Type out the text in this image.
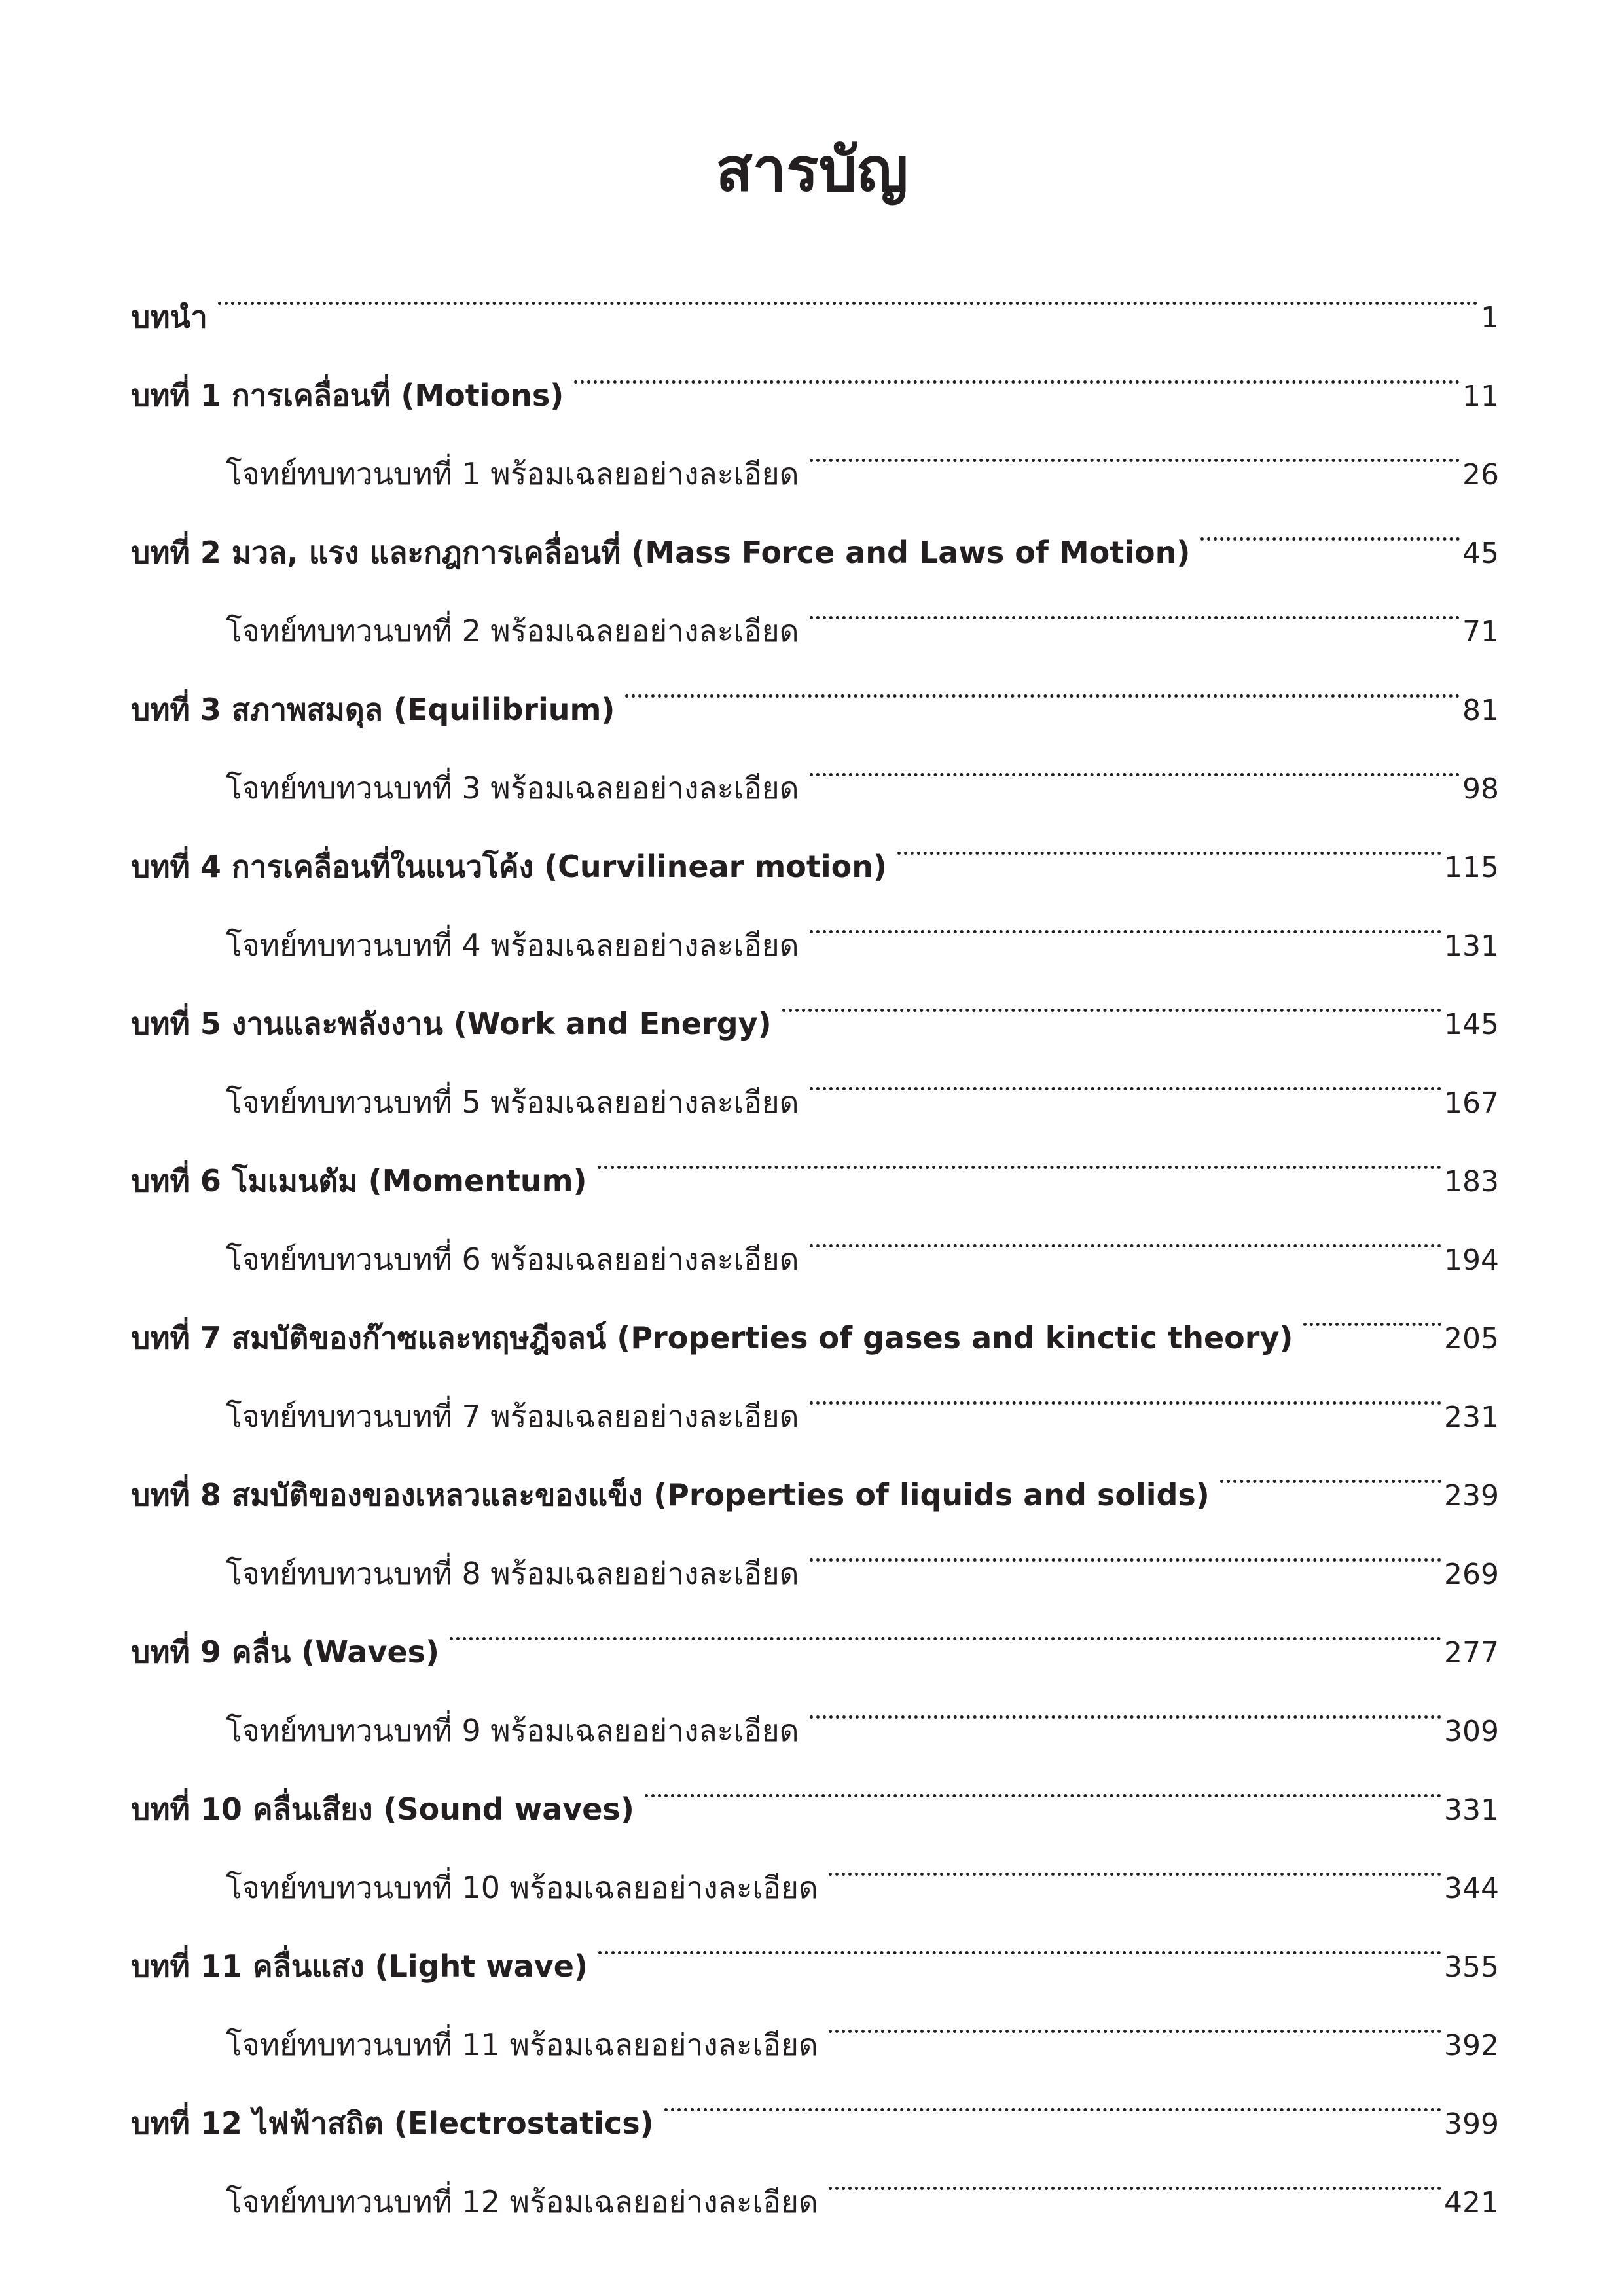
สารบัญ
บทนำ	1
บทที่ 1 การเคลื่อนที่ (Motions)	11
โจทย์ทบทวนบทที่ 1 พร้อมเฉลยอย่างละเอียด	26
บทที่ 2 มวล, แรง และกฎการเคลื่อนที่ (Mass Force and Laws of Motion)	45
โจทย์ทบทวนบทที่ 2 พร้อมเฉลยอย่างละเอียด	71
บทที่ 3 สภาพสมดุล (Equilibrium)	81
โจทย์ทบทวนบทที่ 3 พร้อมเฉลยอย่างละเอียด	98
บทที่ 4 การเคลื่อนที่ในแนวโค้ง (Curvilinear motion)	115
โจทย์ทบทวนบทที่ 4 พร้อมเฉลยอย่างละเอียด	131
บทที่ 5 งานและพลังงาน (Work and Energy)	145
โจทย์ทบทวนบทที่ 5 พร้อมเฉลยอย่างละเอียด	167
บทที่ 6 โมเมนตัม (Momentum)	183
โจทย์ทบทวนบทที่ 6 พร้อมเฉลยอย่างละเอียด	194
บทที่ 7 สมบัติของก๊าซและทฤษฎีจลน์ (Properties of gases and kinctic theory)	205
โจทย์ทบทวนบทที่ 7 พร้อมเฉลยอย่างละเอียด	231
บทที่ 8 สมบัติของของเหลวและของแข็ง (Properties of liquids and solids)	239
โจทย์ทบทวนบทที่ 8 พร้อมเฉลยอย่างละเอียด	269
บทที่ 9 คลื่น (Waves)	277
โจทย์ทบทวนบทที่ 9 พร้อมเฉลยอย่างละเอียด	309
บทที่ 10 คลื่นเสียง (Sound waves)	331
โจทย์ทบทวนบทที่ 10 พร้อมเฉลยอย่างละเอียด	344
บทที่ 11 คลื่นแสง (Light wave)	355
โจทย์ทบทวนบทที่ 11 พร้อมเฉลยอย่างละเอียด	392
บทที่ 12 ไฟฟ้าสถิต (Electrostatics)	399
โจทย์ทบทวนบทที่ 12 พร้อมเฉลยอย่างละเอียด	421
